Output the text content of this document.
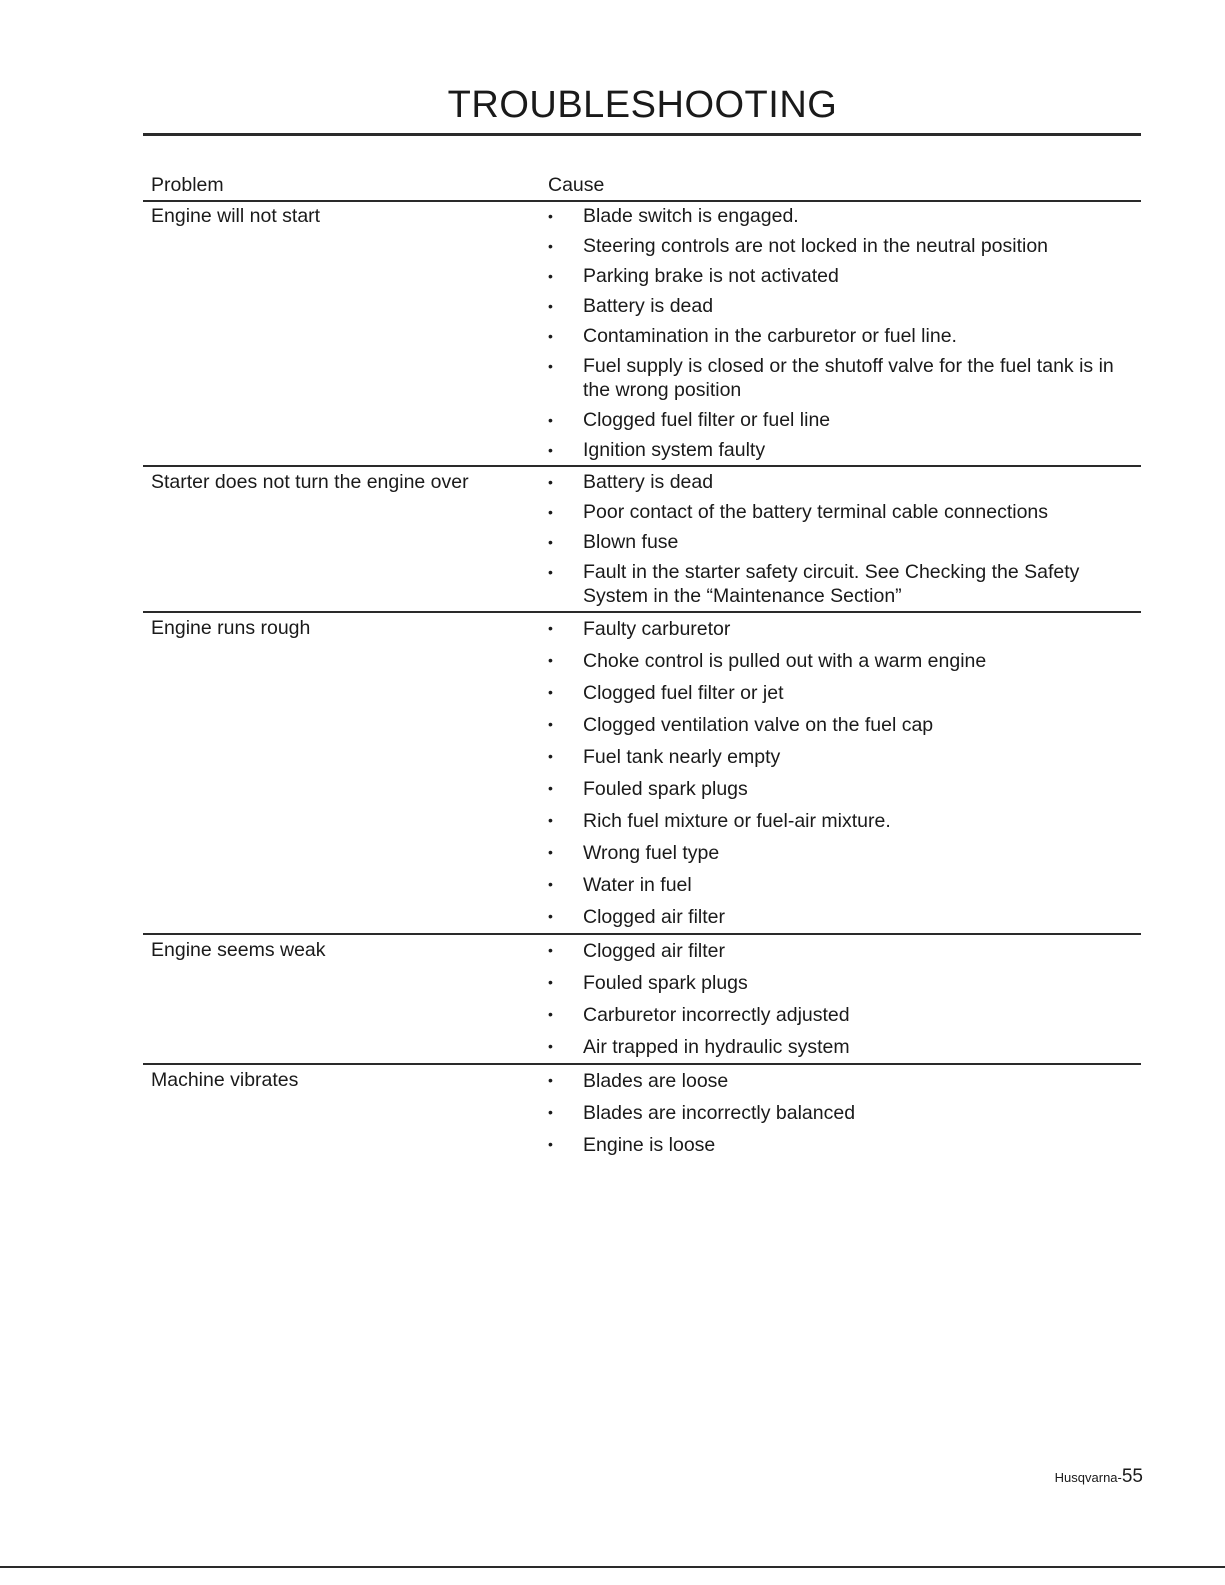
TROUBLESHOOTING
Problem	Cause
Engine will not start	•	Blade switch is engaged.
•	Steering controls are not locked in the neutral position
•	Parking brake is not activated
•	Battery is dead
•	Contamination in the carburetor or fuel line.
•	Fuel supply is closed or the shutoff valve for the fuel tank is in the wrong position
•	Clogged fuel filter or fuel line
•	Ignition system faulty
Starter does not turn the engine over	•	Battery is dead
•	Poor contact of the battery terminal cable connections
•	Blown fuse
•	Fault in the starter safety circuit. See Checking the Safety System in the “Maintenance Section”
Engine runs rough	•	Faulty carburetor
•	Choke control is pulled out with a warm engine
•	Clogged fuel filter or jet
•	Clogged ventilation valve on the fuel cap
•	Fuel tank nearly empty
•	Fouled spark plugs
•	Rich fuel mixture or fuel-air mixture.
•	Wrong fuel type
•	Water in fuel
•	Clogged air filter
Engine seems weak	•	Clogged air filter
•	Fouled spark plugs
•	Carburetor incorrectly adjusted
•	Air trapped in hydraulic system
Machine vibrates	•	Blades are loose
•	Blades are incorrectly balanced
•	Engine is loose
Husqvarna-55
